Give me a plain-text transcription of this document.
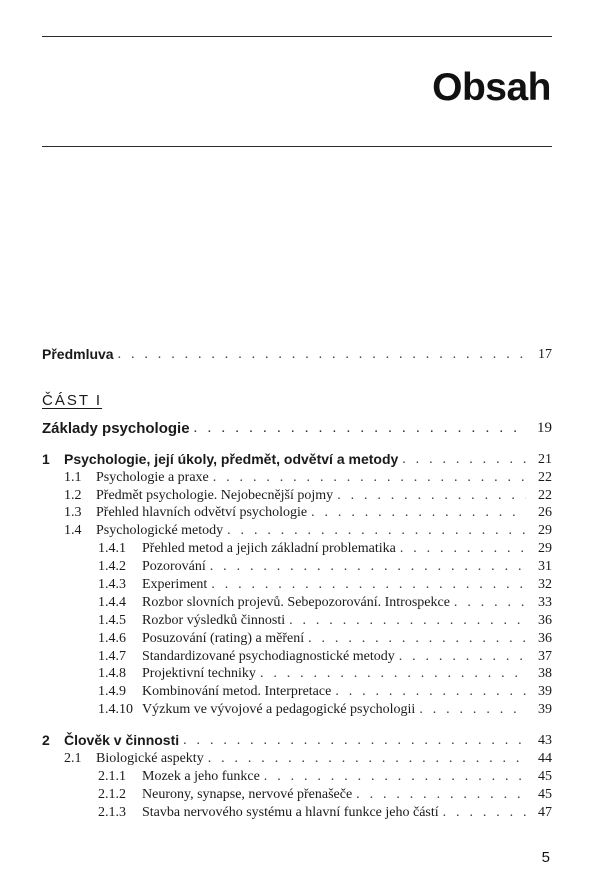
Obsah
Předmluva . . .	17
ČÁST I
Základy psychologie . . .	19
1	Psychologie, její úkoly, předmět, odvětví a metody . . .	21
1.1	Psychologie a praxe . . .	22
1.2	Předmět psychologie. Nejobecnější pojmy . . .	22
1.3	Přehled hlavních odvětví psychologie . . .	26
1.4	Psychologické metody . . .	29
1.4.1	Přehled metod a jejich základní problematika . . .	29
1.4.2	Pozorování . . .	31
1.4.3	Experiment . . .	32
1.4.4	Rozbor slovních projevů. Sebepozorování. Introspekce . . .	33
1.4.5	Rozbor výsledků činnosti . . .	36
1.4.6	Posuzování (rating) a měření . . .	36
1.4.7	Standardizované psychodiagnostické metody . . .	37
1.4.8	Projektivní techniky . . .	38
1.4.9	Kombinování metod. Interpretace . . .	39
1.4.10 Výzkum ve vývojové a pedagogické psychologii . . .	39
2	Člověk v činnosti . . .	43
2.1	Biologické aspekty . . .	44
2.1.1	Mozek a jeho funkce . . .	45
2.1.2	Neurony, synapse, nervové přenašeče . . .	45
2.1.3	Stavba nervového systému a hlavní funkce jeho částí . . .	47
5
